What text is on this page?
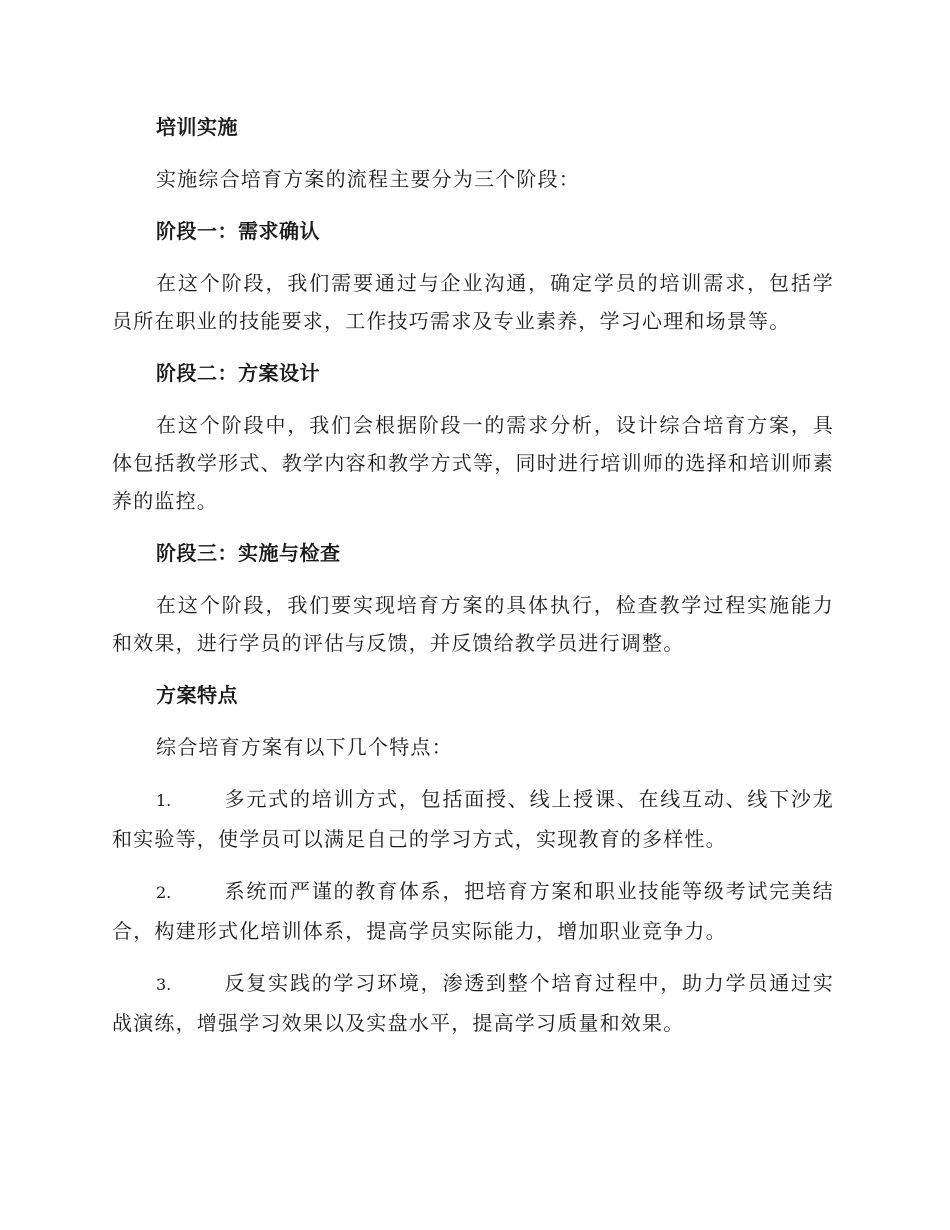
培训实施

实施综合培育方案的流程主要分为三个阶段：

阶段一：需求确认

在这个阶段，我们需要通过与企业沟通，确定学员的培训需求，包括学员所在职业的技能要求，工作技巧需求及专业素养，学习心理和场景等。

阶段二：方案设计

在这个阶段中，我们会根据阶段一的需求分析，设计综合培育方案，具体包括教学形式、教学内容和教学方式等，同时进行培训师的选择和培训师素养的监控。

阶段三：实施与检查

在这个阶段，我们要实现培育方案的具体执行，检查教学过程实施能力和效果，进行学员的评估与反馈，并反馈给教学员进行调整。

方案特点

综合培育方案有以下几个特点：

1.	多元式的培训方式，包括面授、线上授课、在线互动、线下沙龙和实验等，使学员可以满足自己的学习方式，实现教育的多样性。

2.	系统而严谨的教育体系，把培育方案和职业技能等级考试完美结合，构建形式化培训体系，提高学员实际能力，增加职业竞争力。

3.	反复实践的学习环境，渗透到整个培育过程中，助力学员通过实战演练，增强学习效果以及实盘水平，提高学习质量和效果。
